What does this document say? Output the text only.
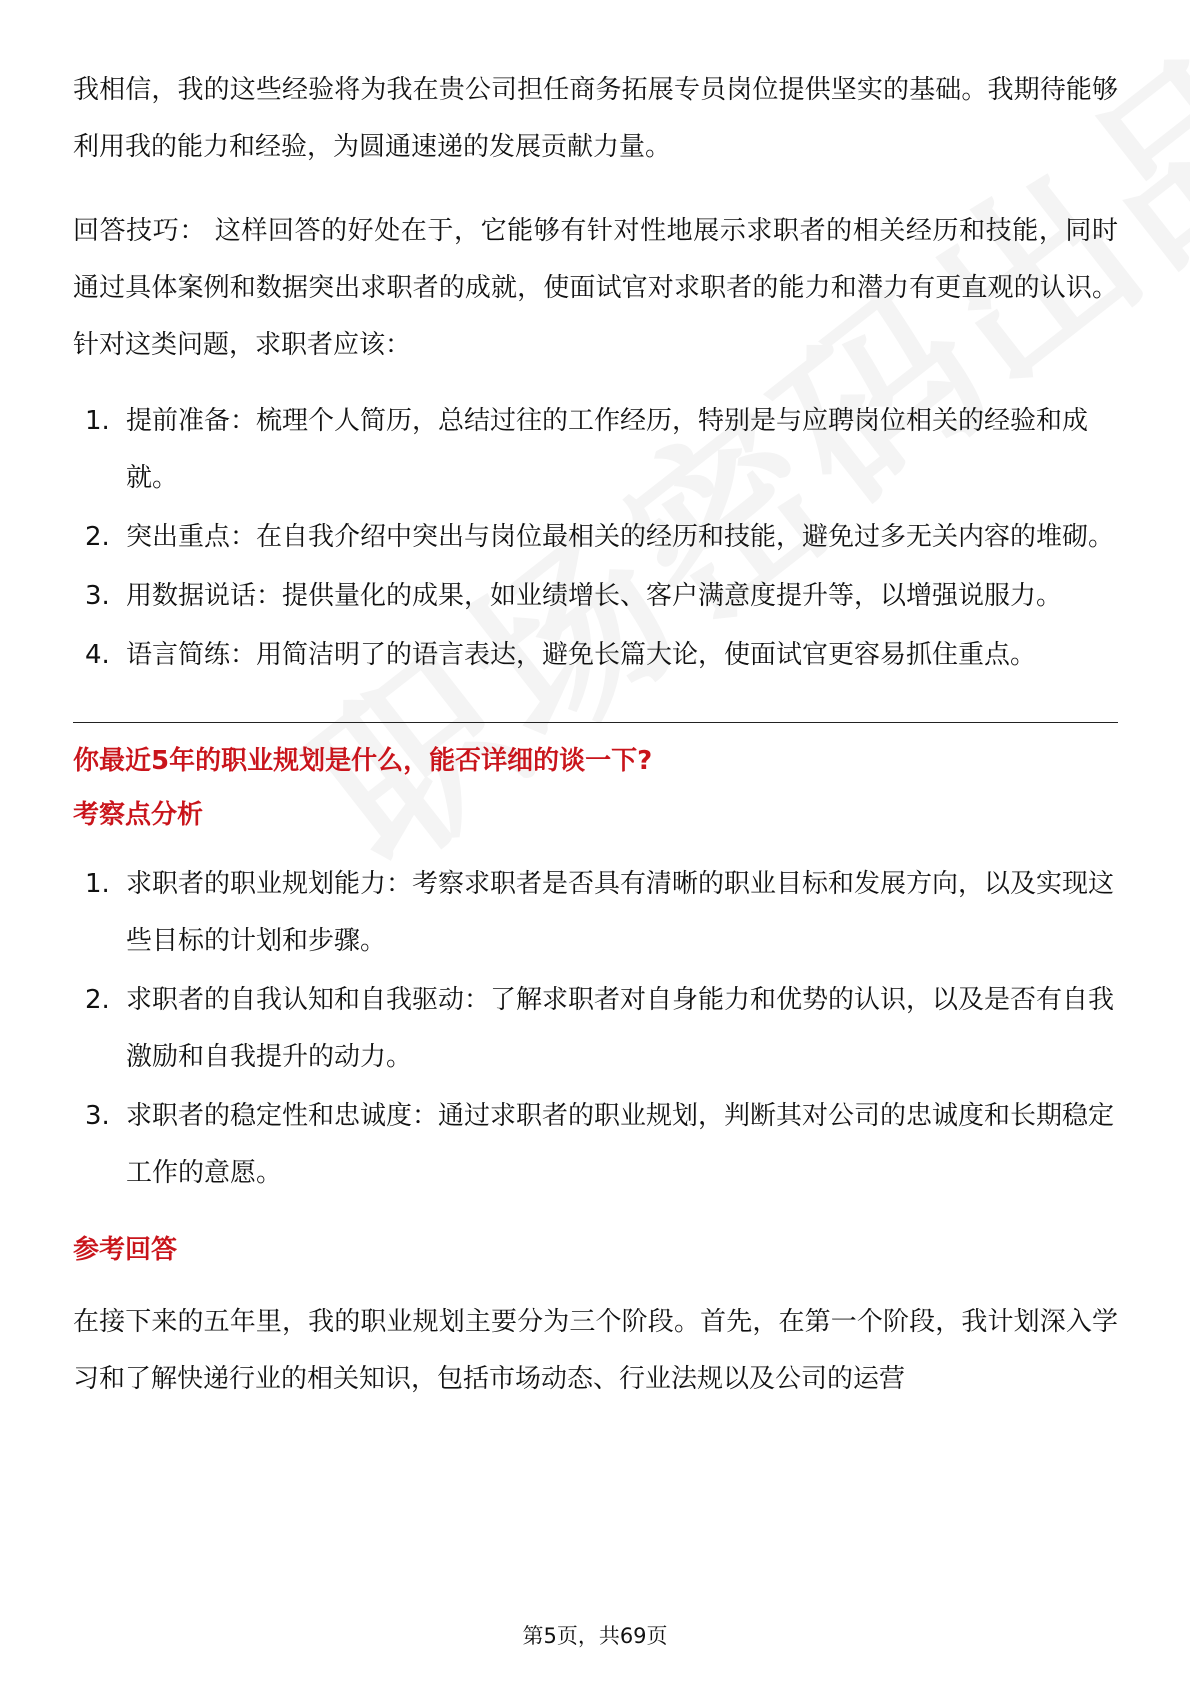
我相信，我的这些经验将为我在贵公司担任商务拓展专员岗位提供坚实的基础。我期待能够利用我的能力和经验，为圆通速递的发展贡献力量。

回答技巧： 这样回答的好处在于，它能够有针对性地展示求职者的相关经历和技能，同时通过具体案例和数据突出求职者的成就，使面试官对求职者的能力和潜力有更直观的认识。针对这类问题，求职者应该：

1. 提前准备：梳理个人简历，总结过往的工作经历，特别是与应聘岗位相关的经验和成就。
2. 突出重点：在自我介绍中突出与岗位最相关的经历和技能，避免过多无关内容的堆砌。
3. 用数据说话：提供量化的成果，如业绩增长、客户满意度提升等，以增强说服力。
4. 语言简练：用简洁明了的语言表达，避免长篇大论，使面试官更容易抓住重点。
你最近5年的职业规划是什么，能否详细的谈一下?
考察点分析
1. 求职者的职业规划能力：考察求职者是否具有清晰的职业目标和发展方向，以及实现这些目标的计划和步骤。
2. 求职者的自我认知和自我驱动：了解求职者对自身能力和优势的认识，以及是否有自我激励和自我提升的动力。
3. 求职者的稳定性和忠诚度：通过求职者的职业规划，判断其对公司的忠诚度和长期稳定工作的意愿。
参考回答

在接下来的五年里，我的职业规划主要分为三个阶段。首先，在第一个阶段，我计划深入学习和了解快递行业的相关知识，包括市场动态、行业法规以及公司的运营

第5页，共69页
